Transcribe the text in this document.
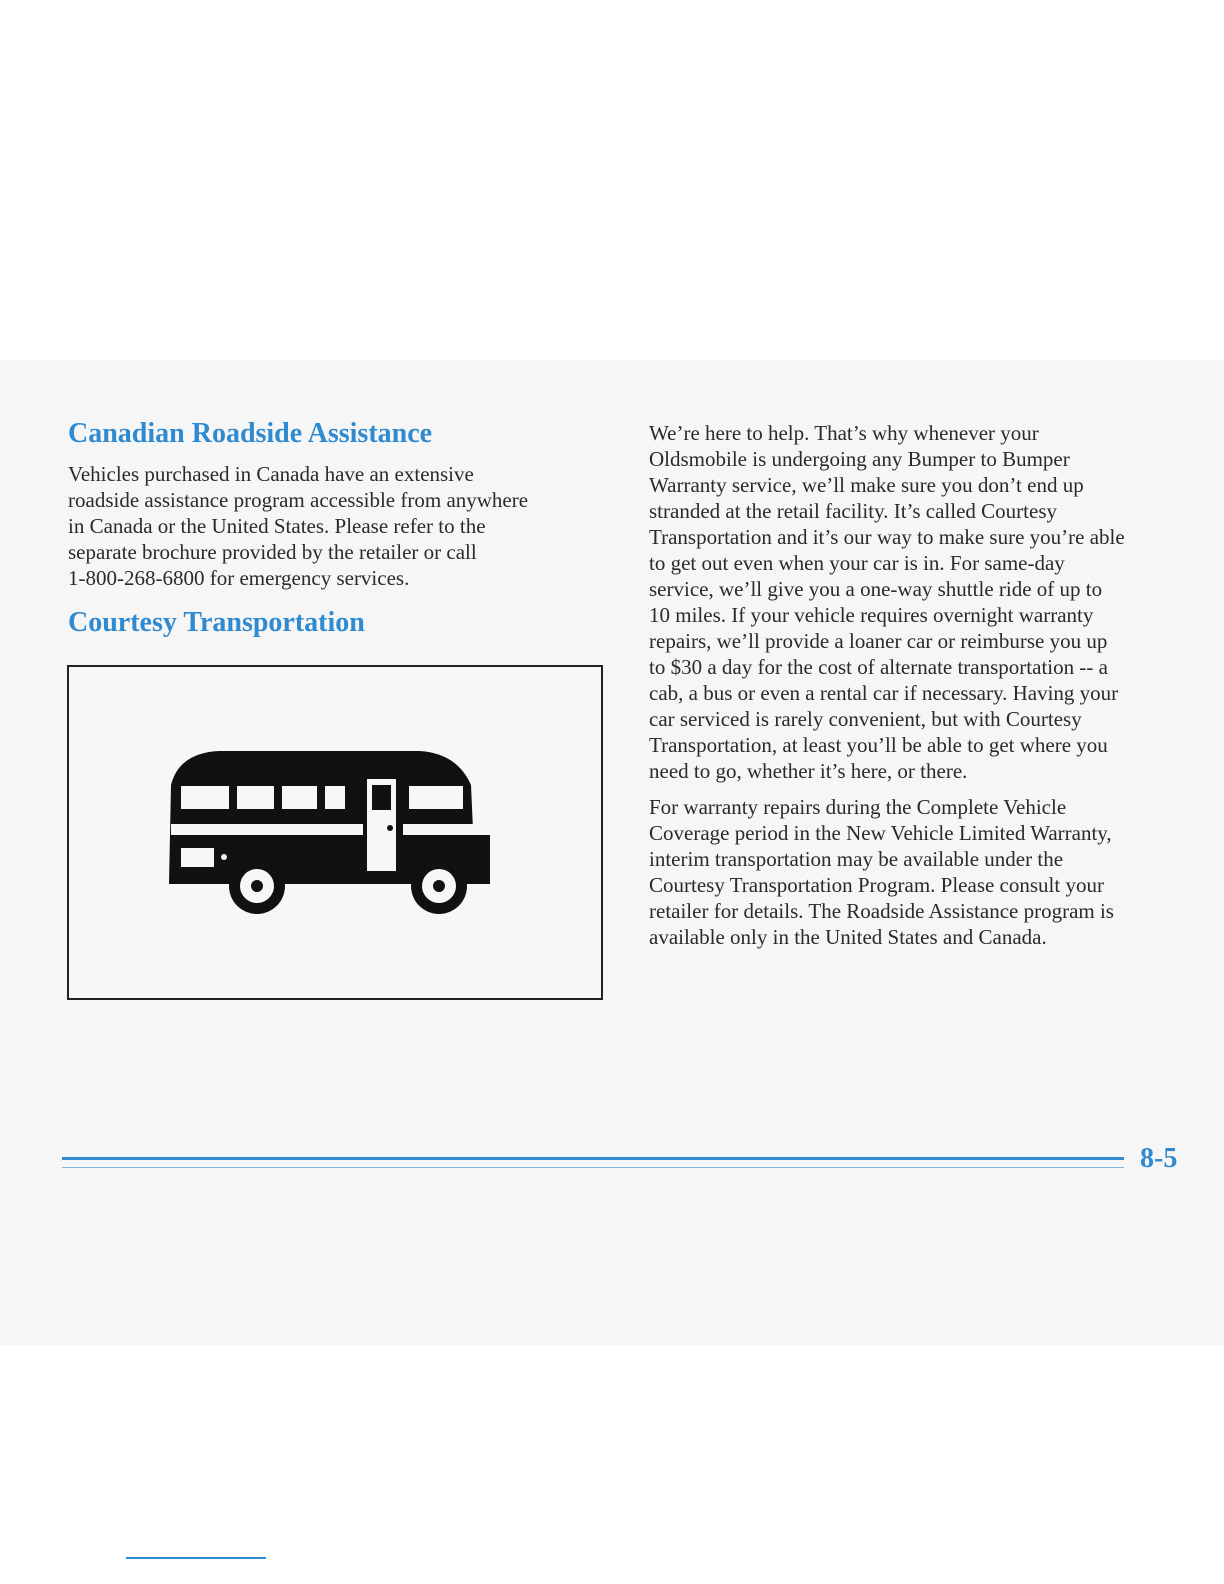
Canadian Roadside Assistance

Vehicles purchased in Canada have an extensive
roadside assistance program accessible from anywhere
in Canada or the United States. Please refer to the
separate brochure provided by the retailer or call
1-800-268-6800 for emergency services.

Courtesy Transportation

We’re here to help. That’s why whenever your
Oldsmobile is undergoing any Bumper to Bumper
Warranty service, we’ll make sure you don’t end up
stranded at the retail facility. It’s called Courtesy
Transportation and it’s our way to make sure you’re able
to get out even when your car is in. For same-day
service, we’ll give you a one-way shuttle ride of up to
10 miles. If your vehicle requires overnight warranty
repairs, we’ll provide a loaner car or reimburse you up
to $30 a day for the cost of alternate transportation -- a
cab, a bus or even a rental car if necessary. Having your
car serviced is rarely convenient, but with Courtesy
Transportation, at least you’ll be able to get where you
need to go, whether it’s here, or there.

For warranty repairs during the Complete Vehicle
Coverage period in the New Vehicle Limited Warranty,
interim transportation may be available under the
Courtesy Transportation Program. Please consult your
retailer for details. The Roadside Assistance program is
available only in the United States and Canada.

8-5
